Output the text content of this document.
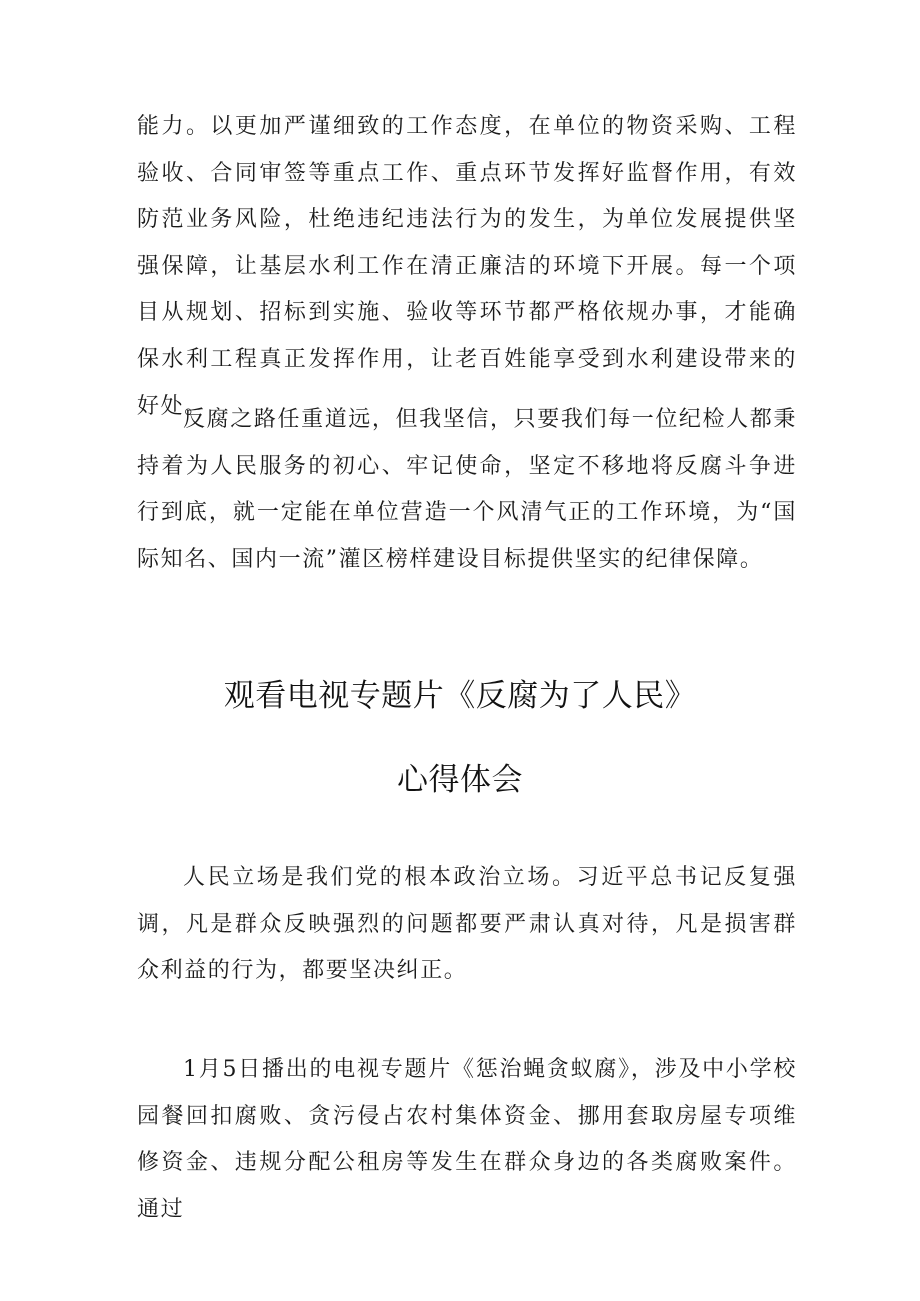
能力。以更加严谨细致的工作态度，在单位的物资采购、工程验收、合同审签等重点工作、重点环节发挥好监督作用，有效防范业务风险，杜绝违纪违法行为的发生，为单位发展提供坚强保障，让基层水利工作在清正廉洁的环境下开展。每一个项目从规划、招标到实施、验收等环节都严格依规办事，才能确保水利工程真正发挥作用，让老百姓能享受到水利建设带来的好处。

反腐之路任重道远，但我坚信，只要我们每一位纪检人都秉持着为人民服务的初心、牢记使命，坚定不移地将反腐斗争进行到底，就一定能在单位营造一个风清气正的工作环境，为“国际知名、国内一流”灌区榜样建设目标提供坚实的纪律保障。

观看电视专题片《反腐为了人民》
心得体会

人民立场是我们党的根本政治立场。习近平总书记反复强调，凡是群众反映强烈的问题都要严肃认真对待，凡是损害群众利益的行为，都要坚决纠正。

1月5日播出的电视专题片《惩治蝇贪蚁腐》，涉及中小学校园餐回扣腐败、贪污侵占农村集体资金、挪用套取房屋专项维修资金、违规分配公租房等发生在群众身边的各类腐败案件。通过
